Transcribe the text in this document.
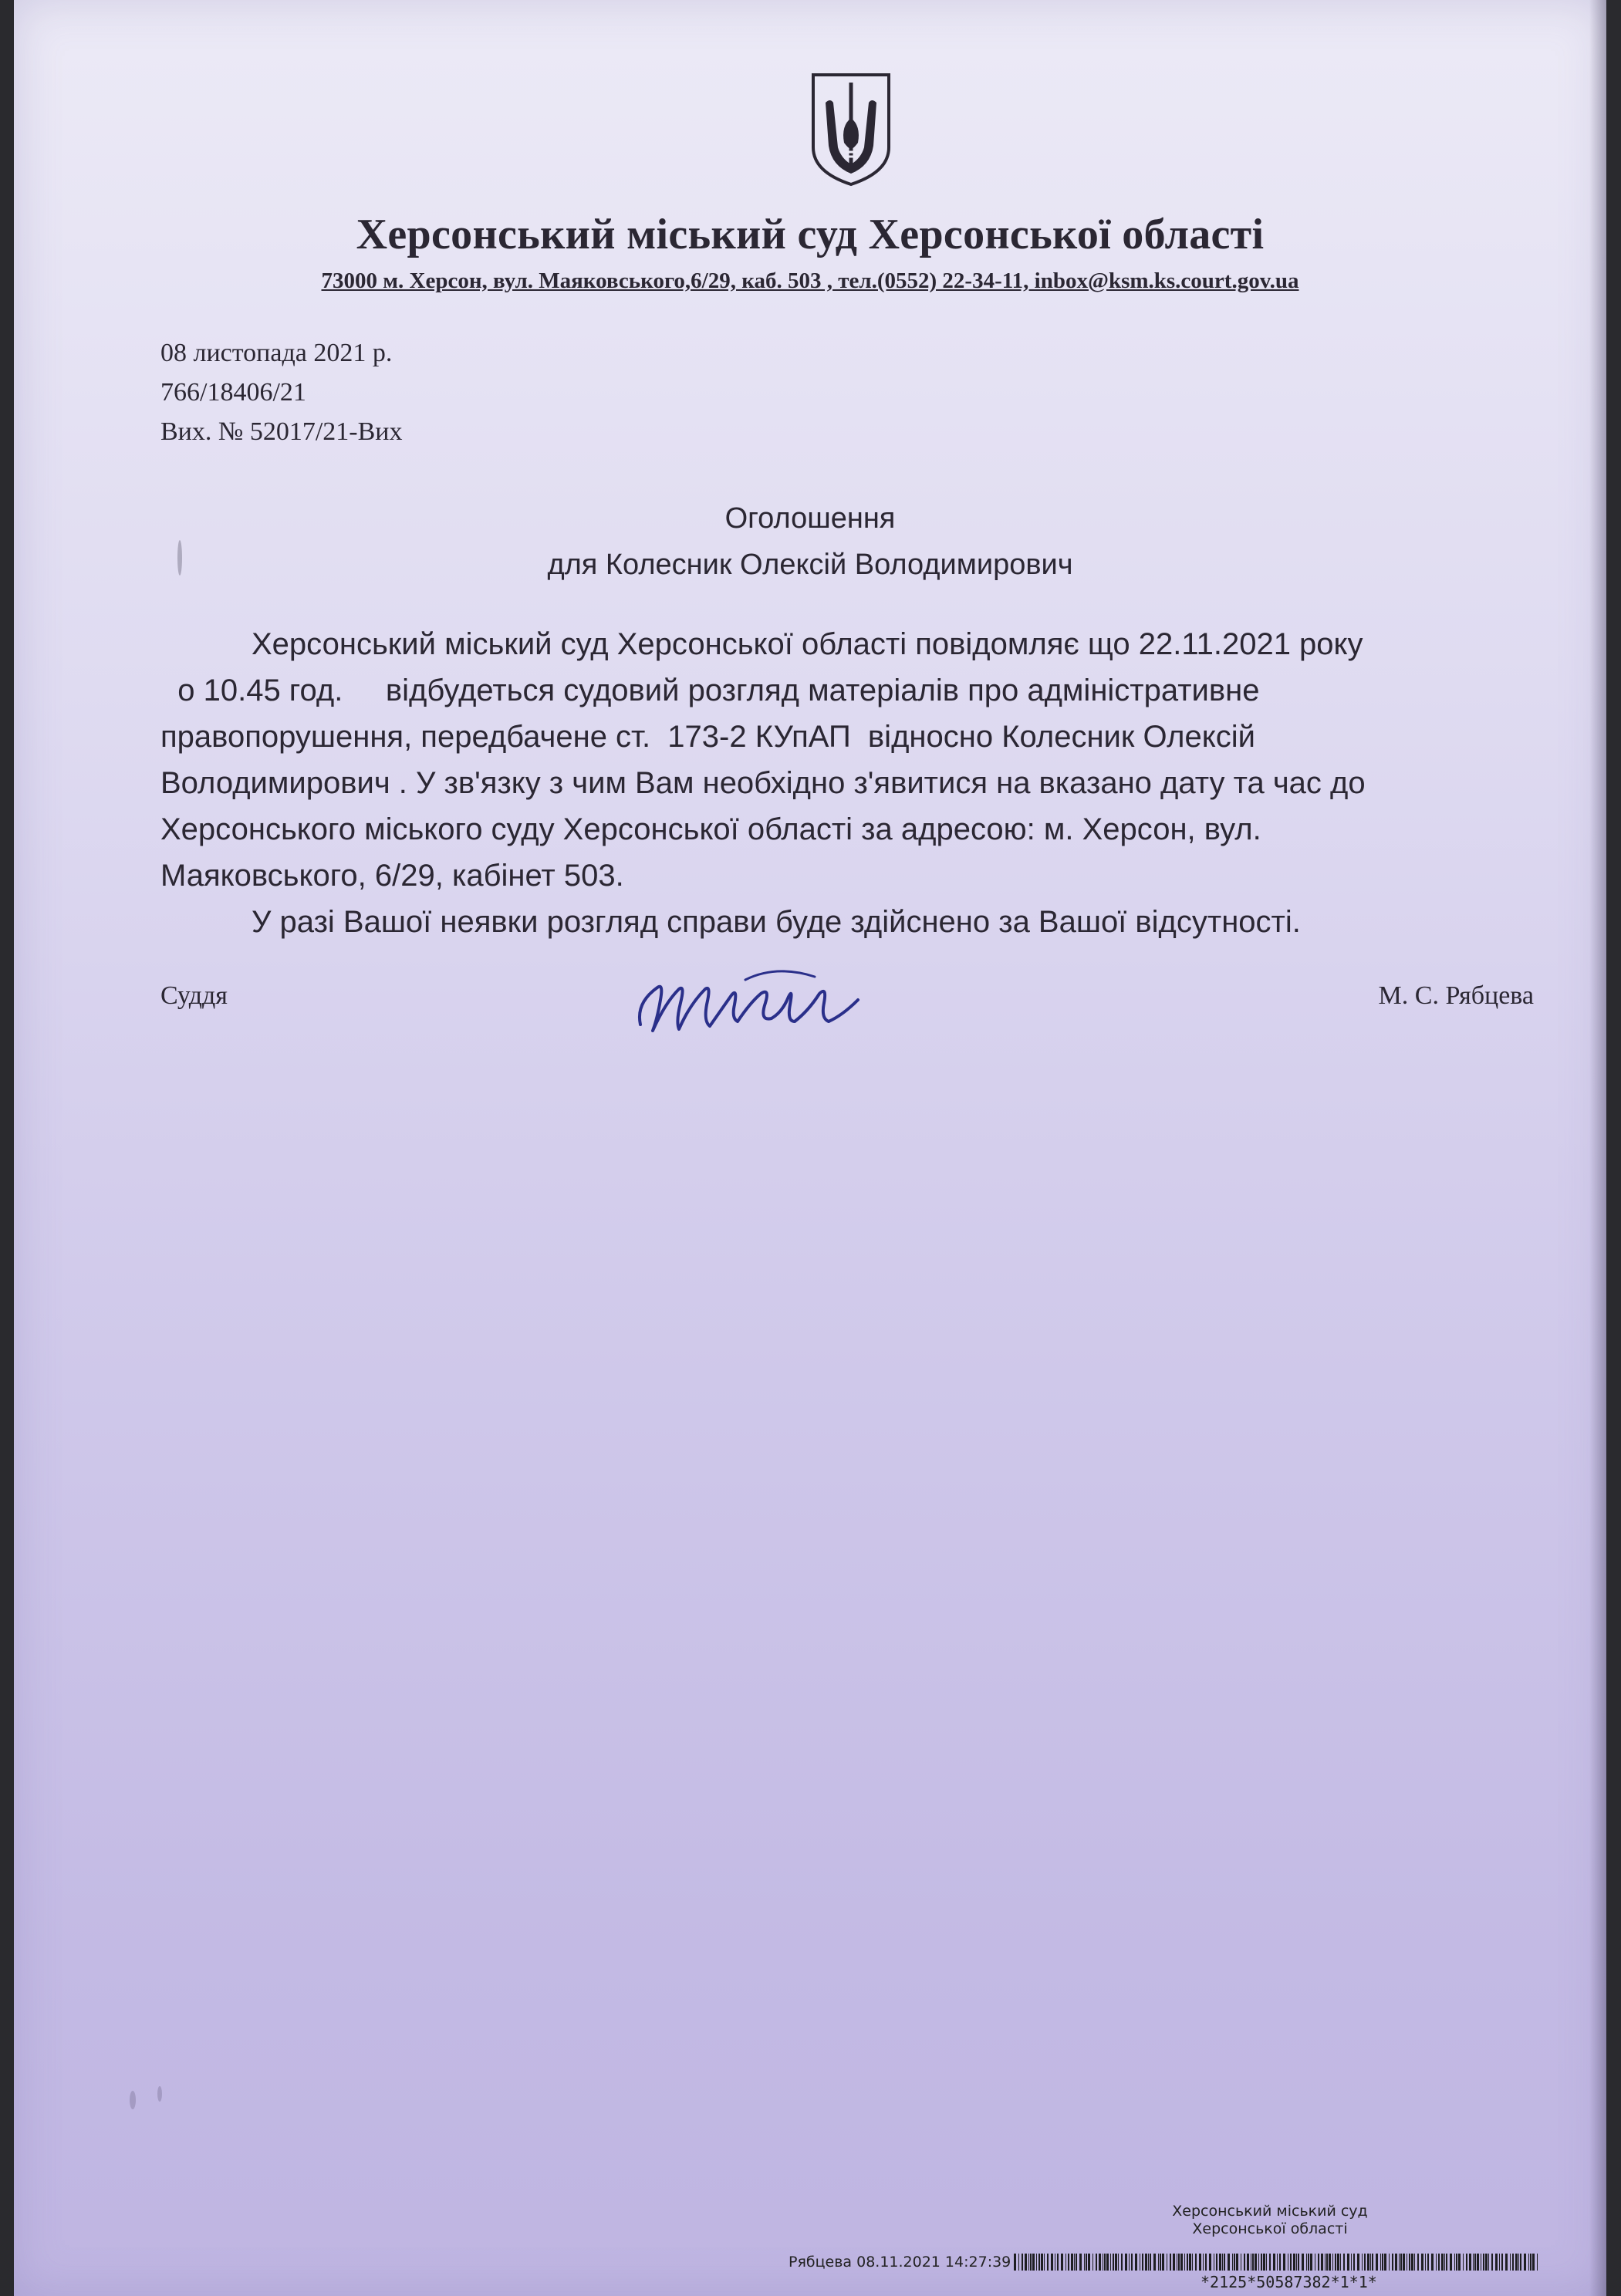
Херсонський міський суд Херсонської області
73000 м. Херсон, вул. Маяковського,6/29, каб. 503 , тел.(0552) 22-34-11, inbox@ksm.ks.court.gov.ua
08 листопада 2021 р.
766/18406/21
Вих. № 52017/21-Вих
Оголошення
для Колесник Олексій Володимирович
Херсонський міський суд Херсонської області повідомляє що 22.11.2021 року
о 10.45 год.     відбудеться судовий розгляд матеріалів про адміністративне
правопорушення, передбачене ст.  173-2 КУпАП  відносно Колесник Олексій
Володимирович . У зв'язку з чим Вам необхідно з'явитися на вказано дату та час до
Херсонського міського суду Херсонської області за адресою: м. Херсон, вул.
Маяковського, 6/29, кабінет 503.
У разі Вашої неявки розгляд справи буде здійснено за Вашої відсутності.
Суддя	М. С. Рябцева
Херсонський міський суд
Херсонської області
Рябцева 08.11.2021 14:27:39
*2125*50587382*1*1*
